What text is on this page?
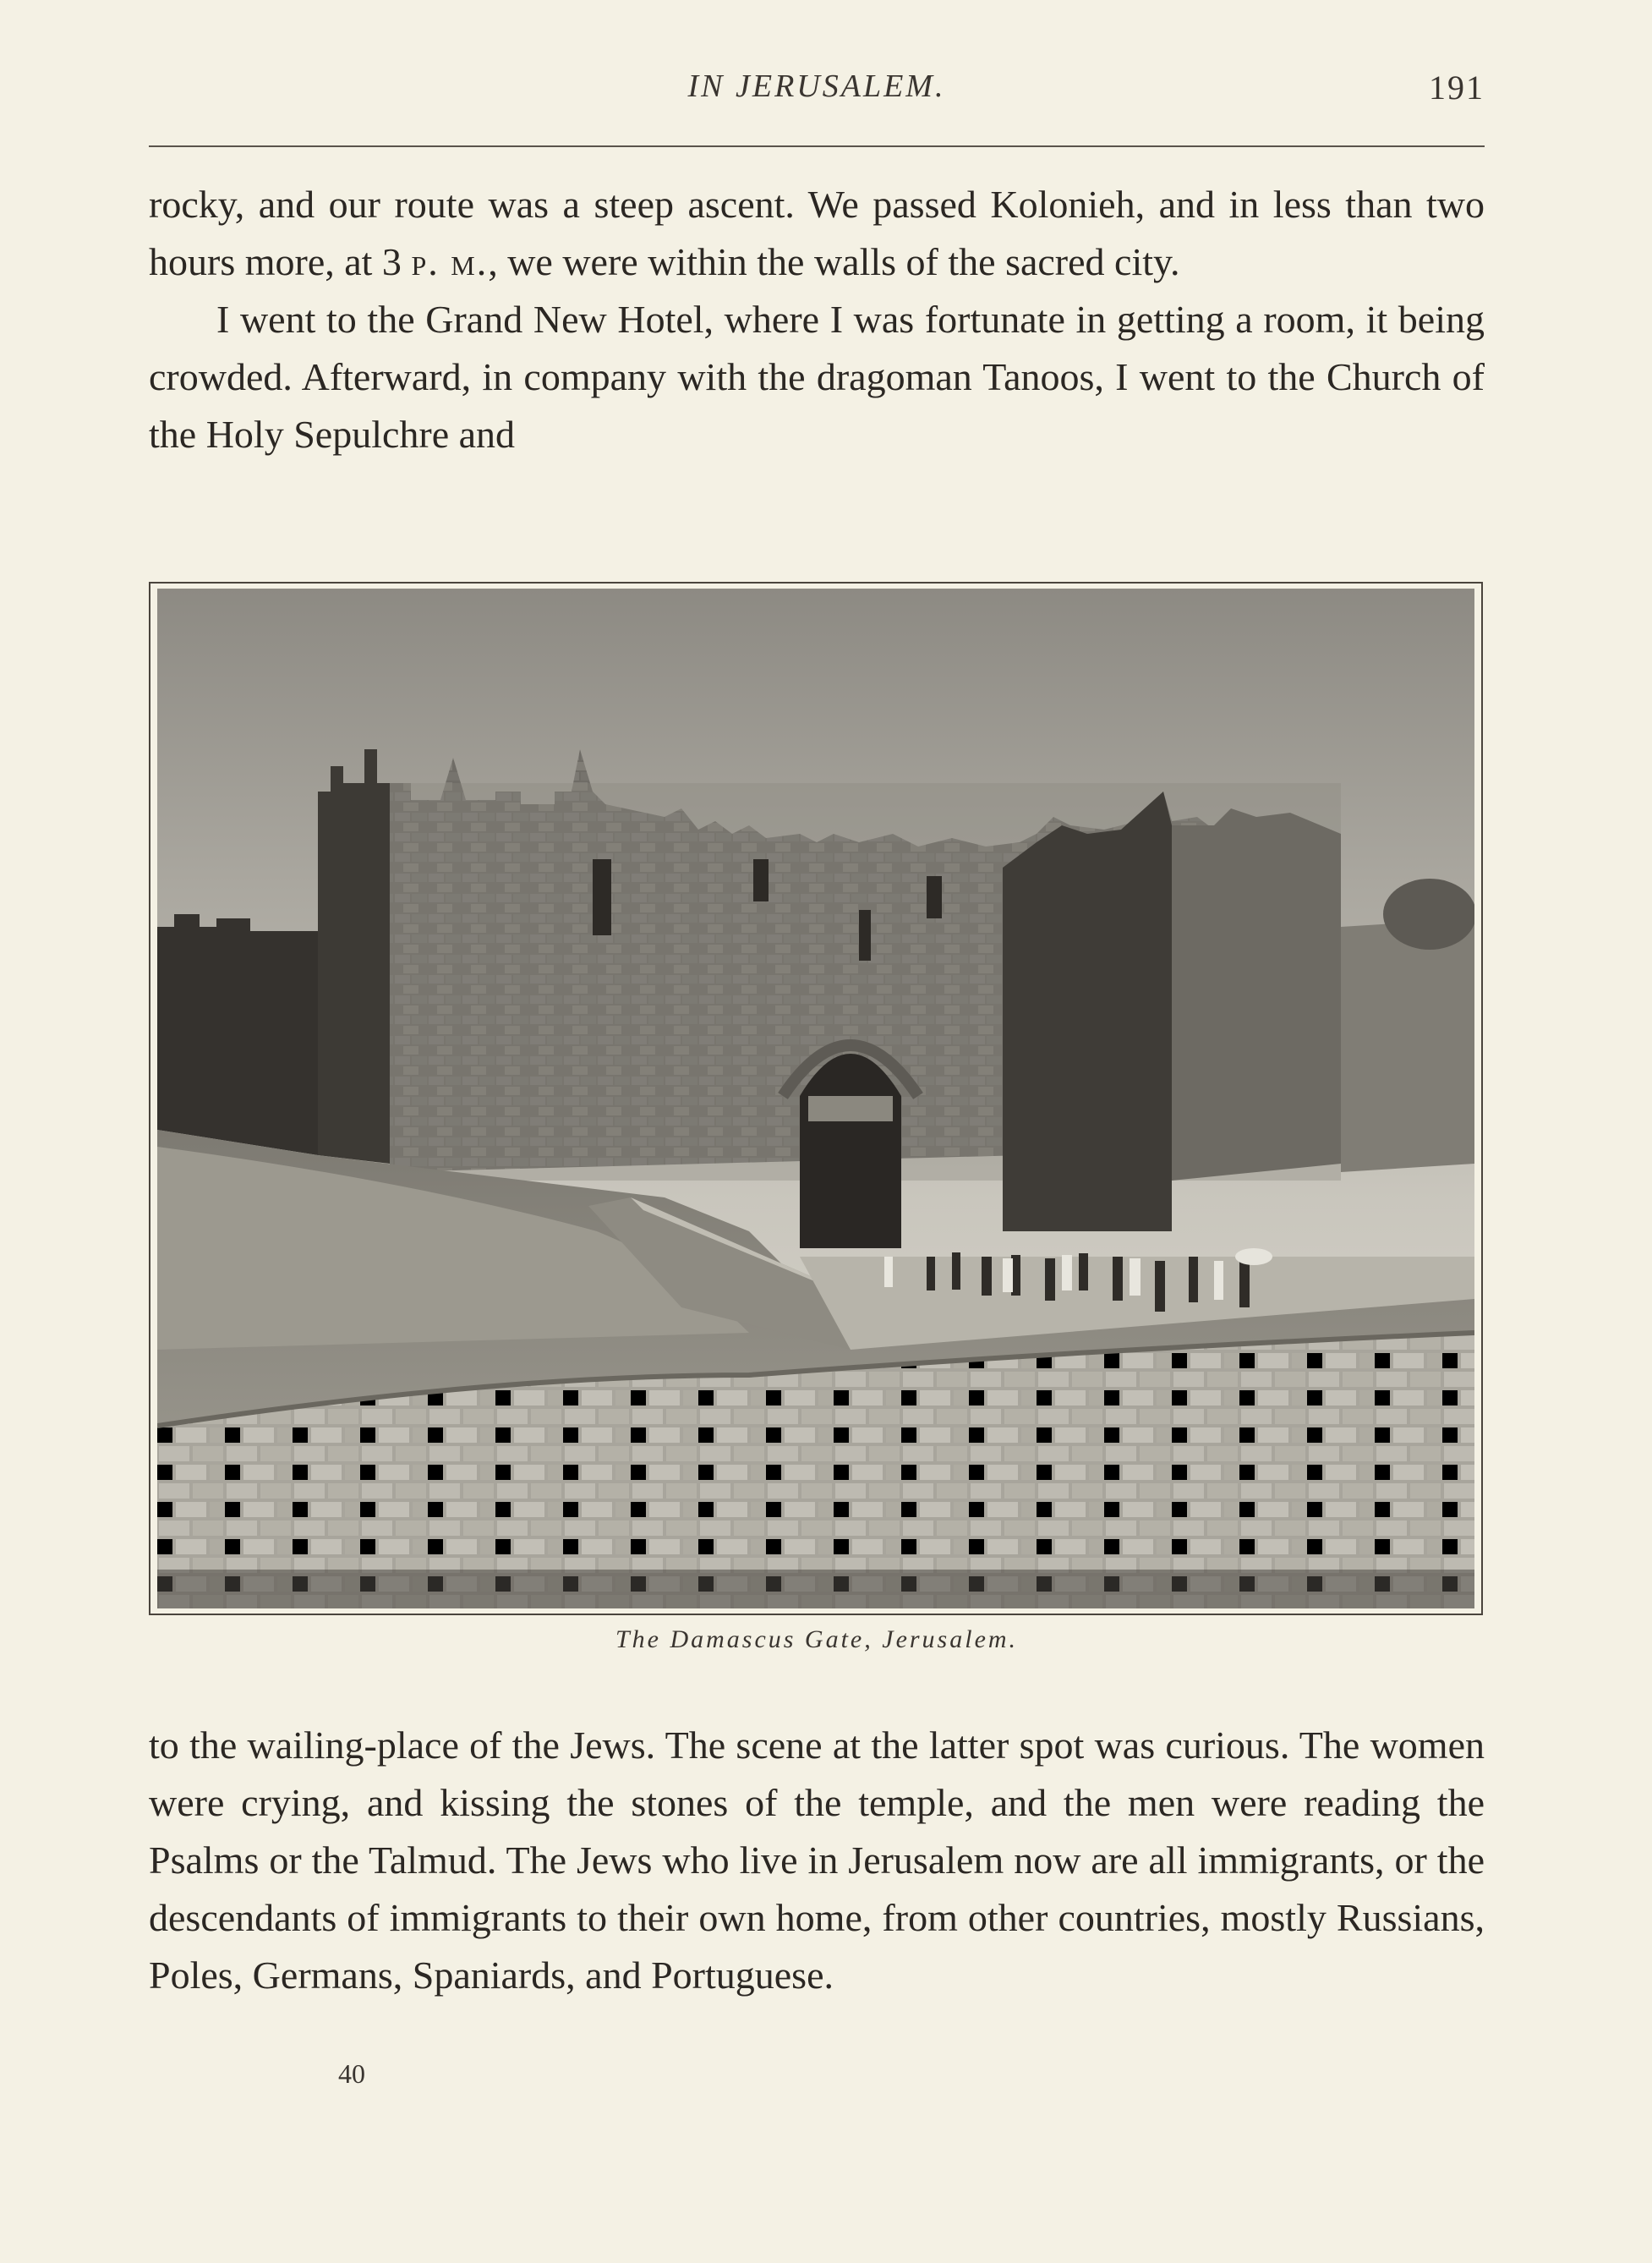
IN JERUSALEM.	191

rocky, and our route was a steep ascent. We passed Kolonieh, and in less than two hours more, at 3 p. m., we were within the walls of the sacred city.

I went to the Grand New Hotel, where I was fortunate in getting a room, it being crowded. Afterward, in company with the dragoman Tanoos, I went to the Church of the Holy Sepulchre and

The Damascus Gate, Jerusalem.

to the wailing-place of the Jews. The scene at the latter spot was curious. The women were crying, and kissing the stones of the temple, and the men were reading the Psalms or the Talmud. The Jews who live in Jerusalem now are all immigrants, or the descendants of immigrants to their own home, from other countries, mostly Russians, Poles, Germans, Spaniards, and Portuguese.

40
